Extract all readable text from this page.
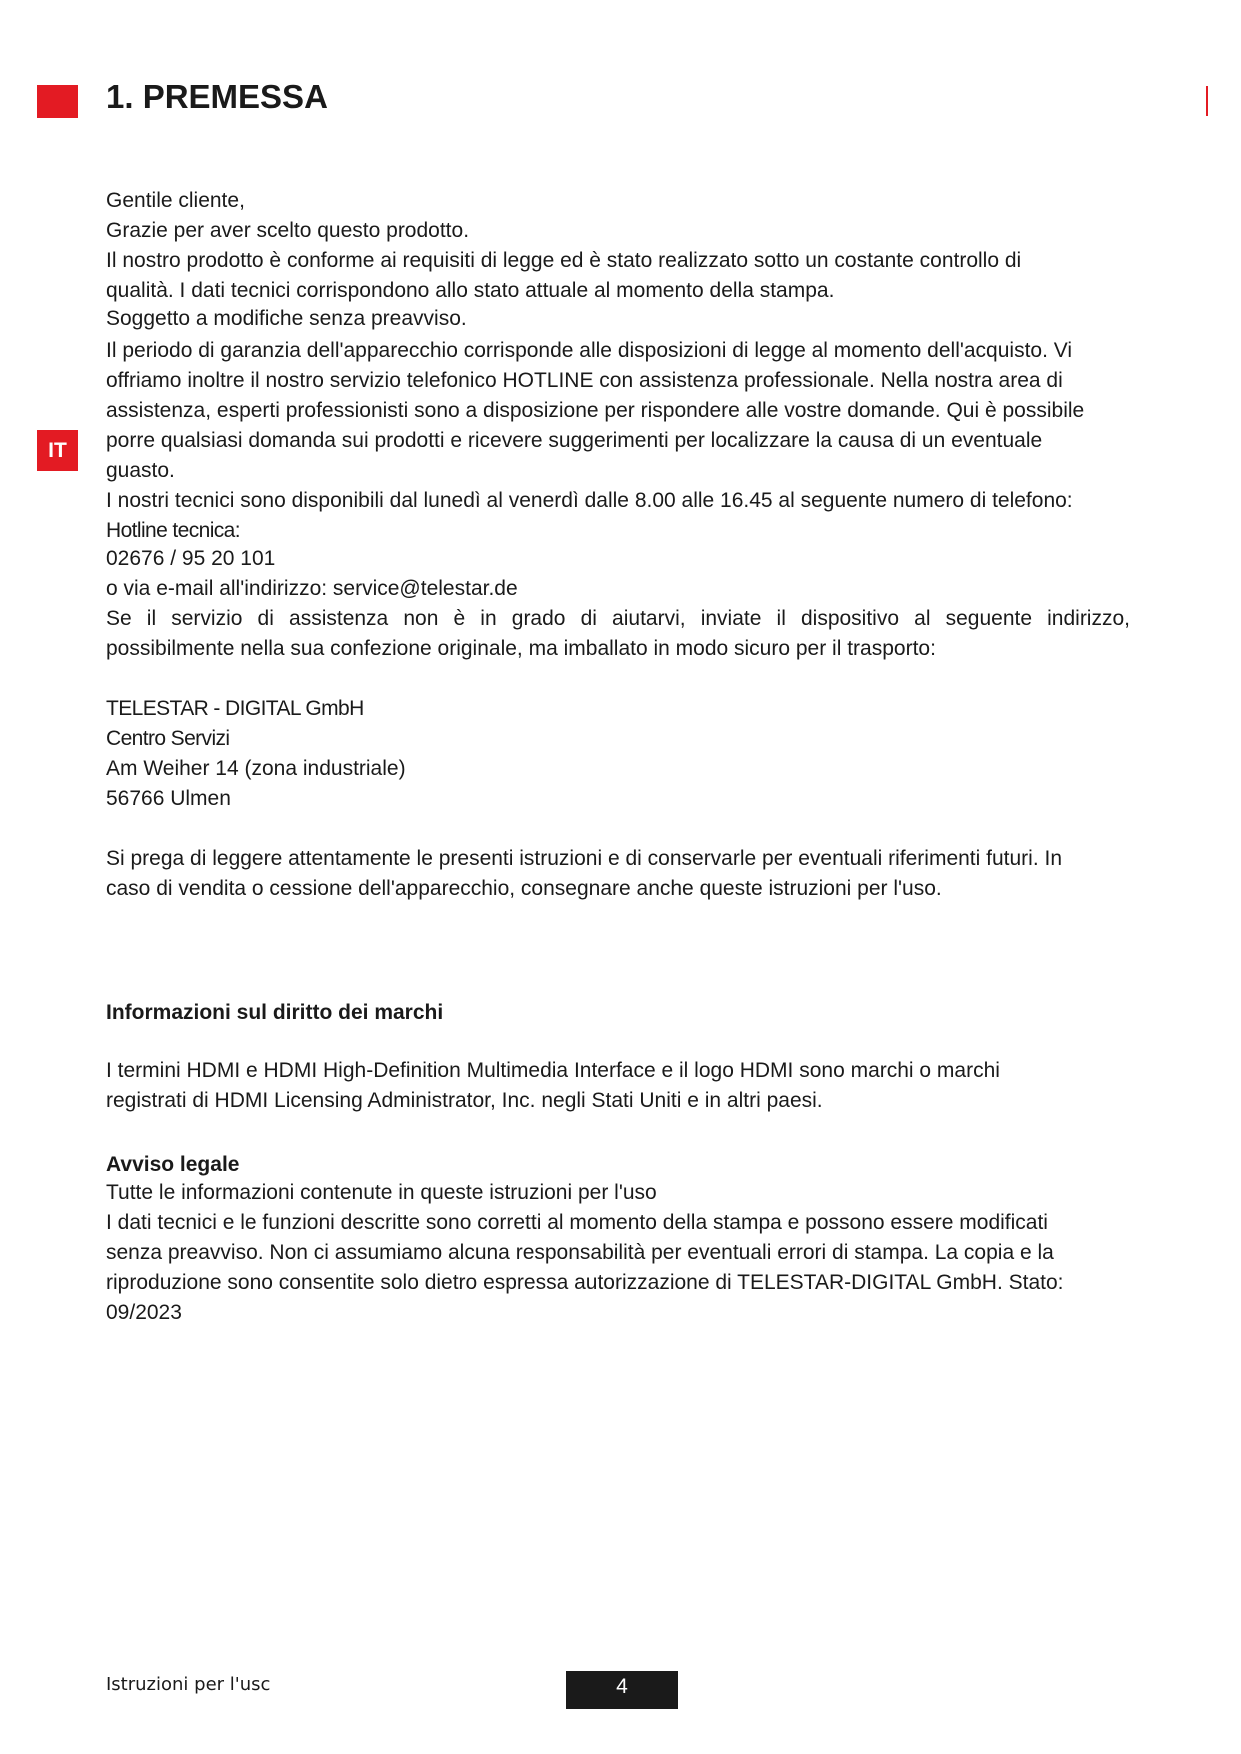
1. PREMESSA
IT
Gentile cliente,
Grazie per aver scelto questo prodotto.
Il nostro prodotto è conforme ai requisiti di legge ed è stato realizzato sotto un costante controllo di
qualità. I dati tecnici corrispondono allo stato attuale al momento della stampa.
Soggetto a modifiche senza preavviso.
Il periodo di garanzia dell'apparecchio corrisponde alle disposizioni di legge al momento dell'acquisto. Vi
offriamo inoltre il nostro servizio telefonico HOTLINE con assistenza professionale. Nella nostra area di
assistenza, esperti professionisti sono a disposizione per rispondere alle vostre domande. Qui è possibile
porre qualsiasi domanda sui prodotti e ricevere suggerimenti per localizzare la causa di un eventuale
guasto.
I nostri tecnici sono disponibili dal lunedì al venerdì dalle 8.00 alle 16.45 al seguente numero di telefono:
Hotline tecnica:
02676 / 95 20 101
o via e-mail all'indirizzo: service@telestar.de
Se il servizio di assistenza non è in grado di aiutarvi, inviate il dispositivo al seguente indirizzo,
possibilmente nella sua confezione originale, ma imballato in modo sicuro per il trasporto:
TELESTAR - DIGITAL GmbH
Centro Servizi
Am Weiher 14 (zona industriale)
56766 Ulmen
Si prega di leggere attentamente le presenti istruzioni e di conservarle per eventuali riferimenti futuri. In
caso di vendita o cessione dell'apparecchio, consegnare anche queste istruzioni per l'uso.
Informazioni sul diritto dei marchi
I termini HDMI e HDMI High-Definition Multimedia Interface e il logo HDMI sono marchi o marchi
registrati di HDMI Licensing Administrator, Inc. negli Stati Uniti e in altri paesi.
Avviso legale
Tutte le informazioni contenute in queste istruzioni per l'uso
I dati tecnici e le funzioni descritte sono corretti al momento della stampa e possono essere modificati
senza preavviso. Non ci assumiamo alcuna responsabilità per eventuali errori di stampa. La copia e la
riproduzione sono consentite solo dietro espressa autorizzazione di TELESTAR-DIGITAL GmbH. Stato:
09/2023
Istruzioni per l'usc	4
